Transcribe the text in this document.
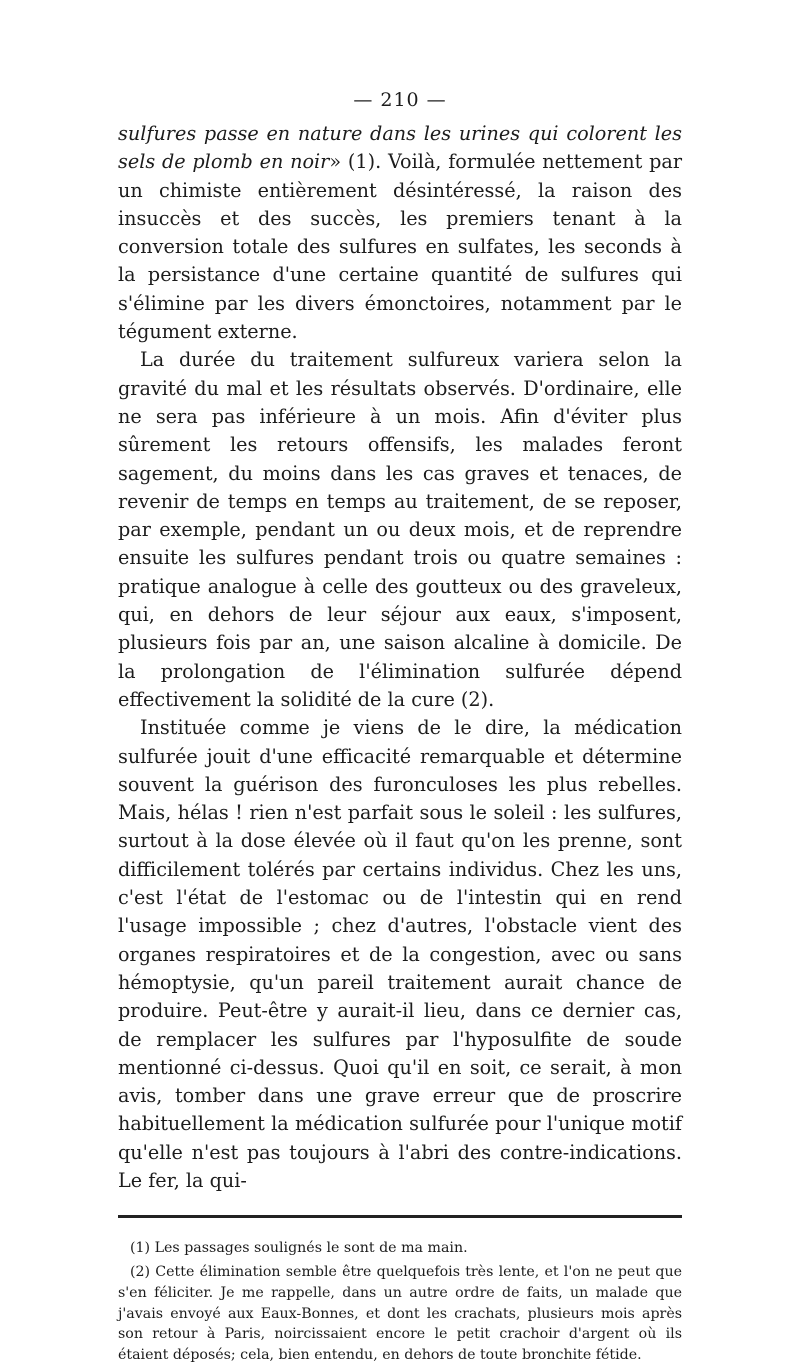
— 210 —

sulfures passe en nature dans les urines qui colorent les sels de plomb en noir» (1). Voilà, formulée nettement par un chimiste entièrement désintéressé, la raison des insuccès et des succès, les premiers tenant à la conversion totale des sulfures en sulfates, les seconds à la persistance d'une certaine quantité de sulfures qui s'élimine par les divers émonctoires, notamment par le tégument externe.

La durée du traitement sulfureux variera selon la gravité du mal et les résultats observés. D'ordinaire, elle ne sera pas inférieure à un mois. Afin d'éviter plus sûrement les retours offensifs, les malades feront sagement, du moins dans les cas graves et tenaces, de revenir de temps en temps au traitement, de se reposer, par exemple, pendant un ou deux mois, et de reprendre ensuite les sulfures pendant trois ou quatre semaines : pratique analogue à celle des goutteux ou des graveleux, qui, en dehors de leur séjour aux eaux, s'imposent, plusieurs fois par an, une saison alcaline à domicile. De la prolongation de l'élimination sulfurée dépend effectivement la solidité de la cure (2).

Instituée comme je viens de le dire, la médication sulfurée jouit d'une efficacité remarquable et détermine souvent la guérison des furonculoses les plus rebelles. Mais, hélas ! rien n'est parfait sous le soleil : les sulfures, surtout à la dose élevée où il faut qu'on les prenne, sont difficilement tolérés par certains individus. Chez les uns, c'est l'état de l'estomac ou de l'intestin qui en rend l'usage impossible ; chez d'autres, l'obstacle vient des organes respiratoires et de la congestion, avec ou sans hémoptysie, qu'un pareil traitement aurait chance de produire. Peut-être y aurait-il lieu, dans ce dernier cas, de remplacer les sulfures par l'hyposulfite de soude mentionné ci-dessus. Quoi qu'il en soit, ce serait, à mon avis, tomber dans une grave erreur que de proscrire habituellement la médication sulfurée pour l'unique motif qu'elle n'est pas toujours à l'abri des contre-indications. Le fer, la qui-

(1) Les passages soulignés le sont de ma main.

(2) Cette élimination semble être quelquefois très lente, et l'on ne peut que s'en féliciter. Je me rappelle, dans un autre ordre de faits, un malade que j'avais envoyé aux Eaux-Bonnes, et dont les crachats, plusieurs mois après son retour à Paris, noircissaient encore le petit crachoir d'argent où ils étaient déposés; cela, bien entendu, en dehors de toute bronchite fétide.
